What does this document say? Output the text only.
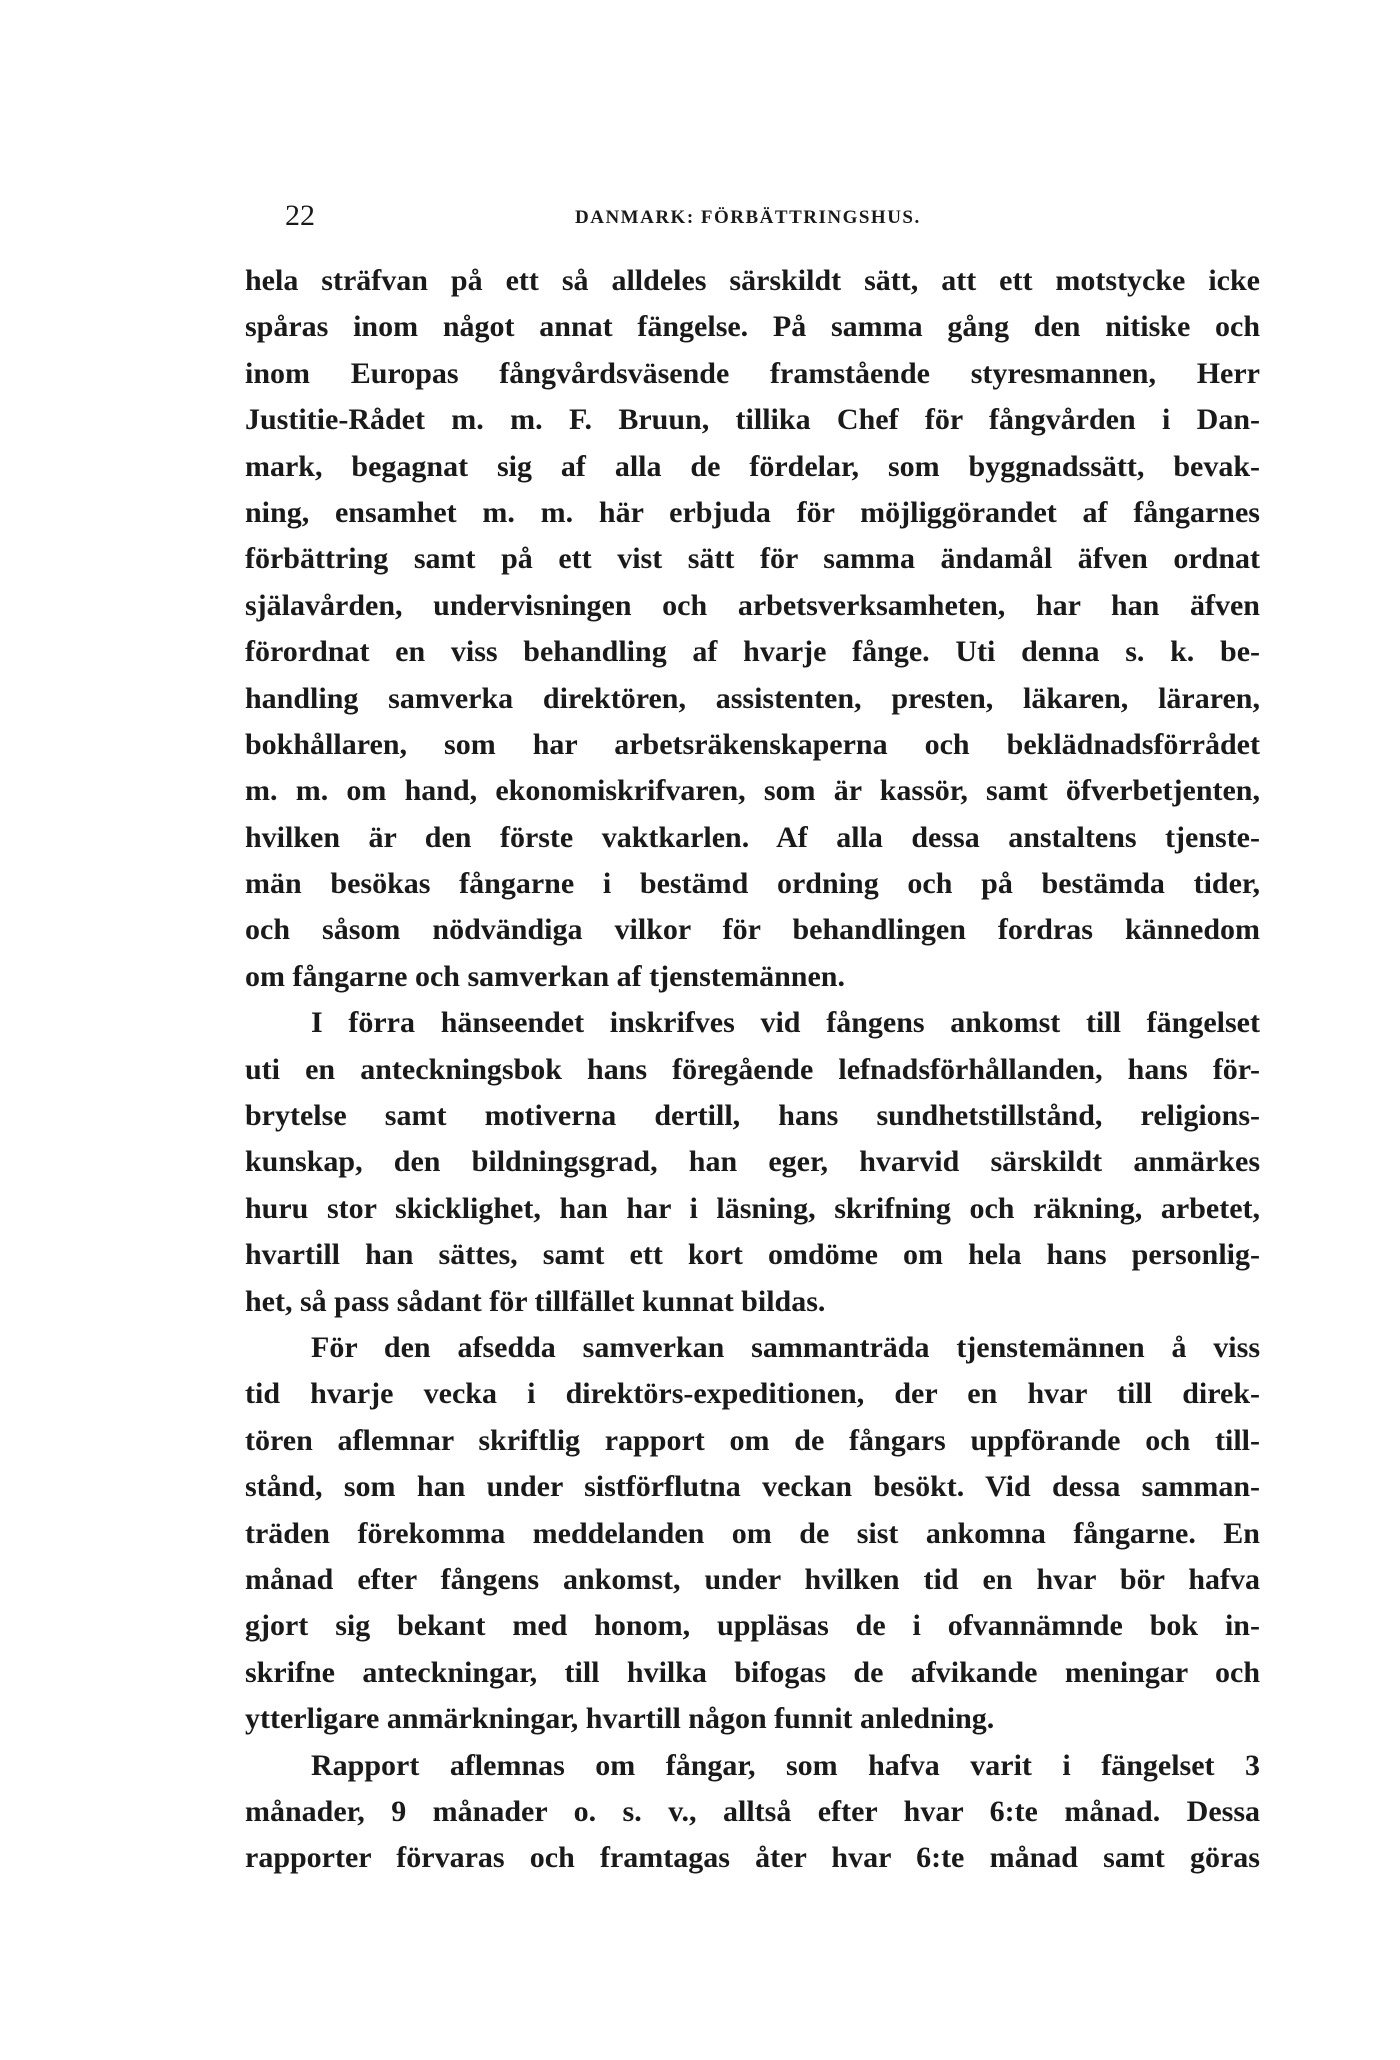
22	DANMARK: FÖRBÄTTRINGSHUS.
hela sträfvan på ett så alldeles särskildt sätt, att ett motstycke icke
spåras inom något annat fängelse. På samma gång den nitiske och
inom Europas fångvårdsväsende framstående styresmannen, Herr
Justitie-Rådet m. m. F. Bruun, tillika Chef för fångvården i Dan-
mark, begagnat sig af alla de fördelar, som byggnadssätt, bevak-
ning, ensamhet m. m. här erbjuda för möjliggörandet af fångarnes
förbättring samt på ett vist sätt för samma ändamål äfven ordnat
själavården, undervisningen och arbetsverksamheten, har han äfven
förordnat en viss behandling af hvarje fånge. Uti denna s. k. be-
handling samverka direktören, assistenten, presten, läkaren, läraren,
bokhållaren, som har arbetsräkenskaperna och beklädnadsförrådet
m. m. om hand, ekonomiskrifvaren, som är kassör, samt öfverbetjenten,
hvilken är den förste vaktkarlen. Af alla dessa anstaltens tjenste-
män besökas fångarne i bestämd ordning och på bestämda tider,
och såsom nödvändiga vilkor för behandlingen fordras kännedom
om fångarne och samverkan af tjenstemännen.
I förra hänseendet inskrifves vid fångens ankomst till fängelset
uti en anteckningsbok hans föregående lefnadsförhållanden, hans för-
brytelse samt motiverna dertill, hans sundhetstillstånd, religions-
kunskap, den bildningsgrad, han eger, hvarvid särskildt anmärkes
huru stor skicklighet, han har i läsning, skrifning och räkning, arbetet,
hvartill han sättes, samt ett kort omdöme om hela hans personlig-
het, så pass sådant för tillfället kunnat bildas.
För den afsedda samverkan sammanträda tjenstemännen å viss
tid hvarje vecka i direktörs-expeditionen, der en hvar till direk-
tören aflemnar skriftlig rapport om de fångars uppförande och till-
stånd, som han under sistförflutna veckan besökt. Vid dessa samman-
träden förekomma meddelanden om de sist ankomna fångarne. En
månad efter fångens ankomst, under hvilken tid en hvar bör hafva
gjort sig bekant med honom, uppläsas de i ofvannämnde bok in-
skrifne anteckningar, till hvilka bifogas de afvikande meningar och
ytterligare anmärkningar, hvartill någon funnit anledning.
Rapport aflemnas om fångar, som hafva varit i fängelset 3
månader, 9 månader o. s. v., alltså efter hvar 6:te månad. Dessa
rapporter förvaras och framtagas åter hvar 6:te månad samt göras
